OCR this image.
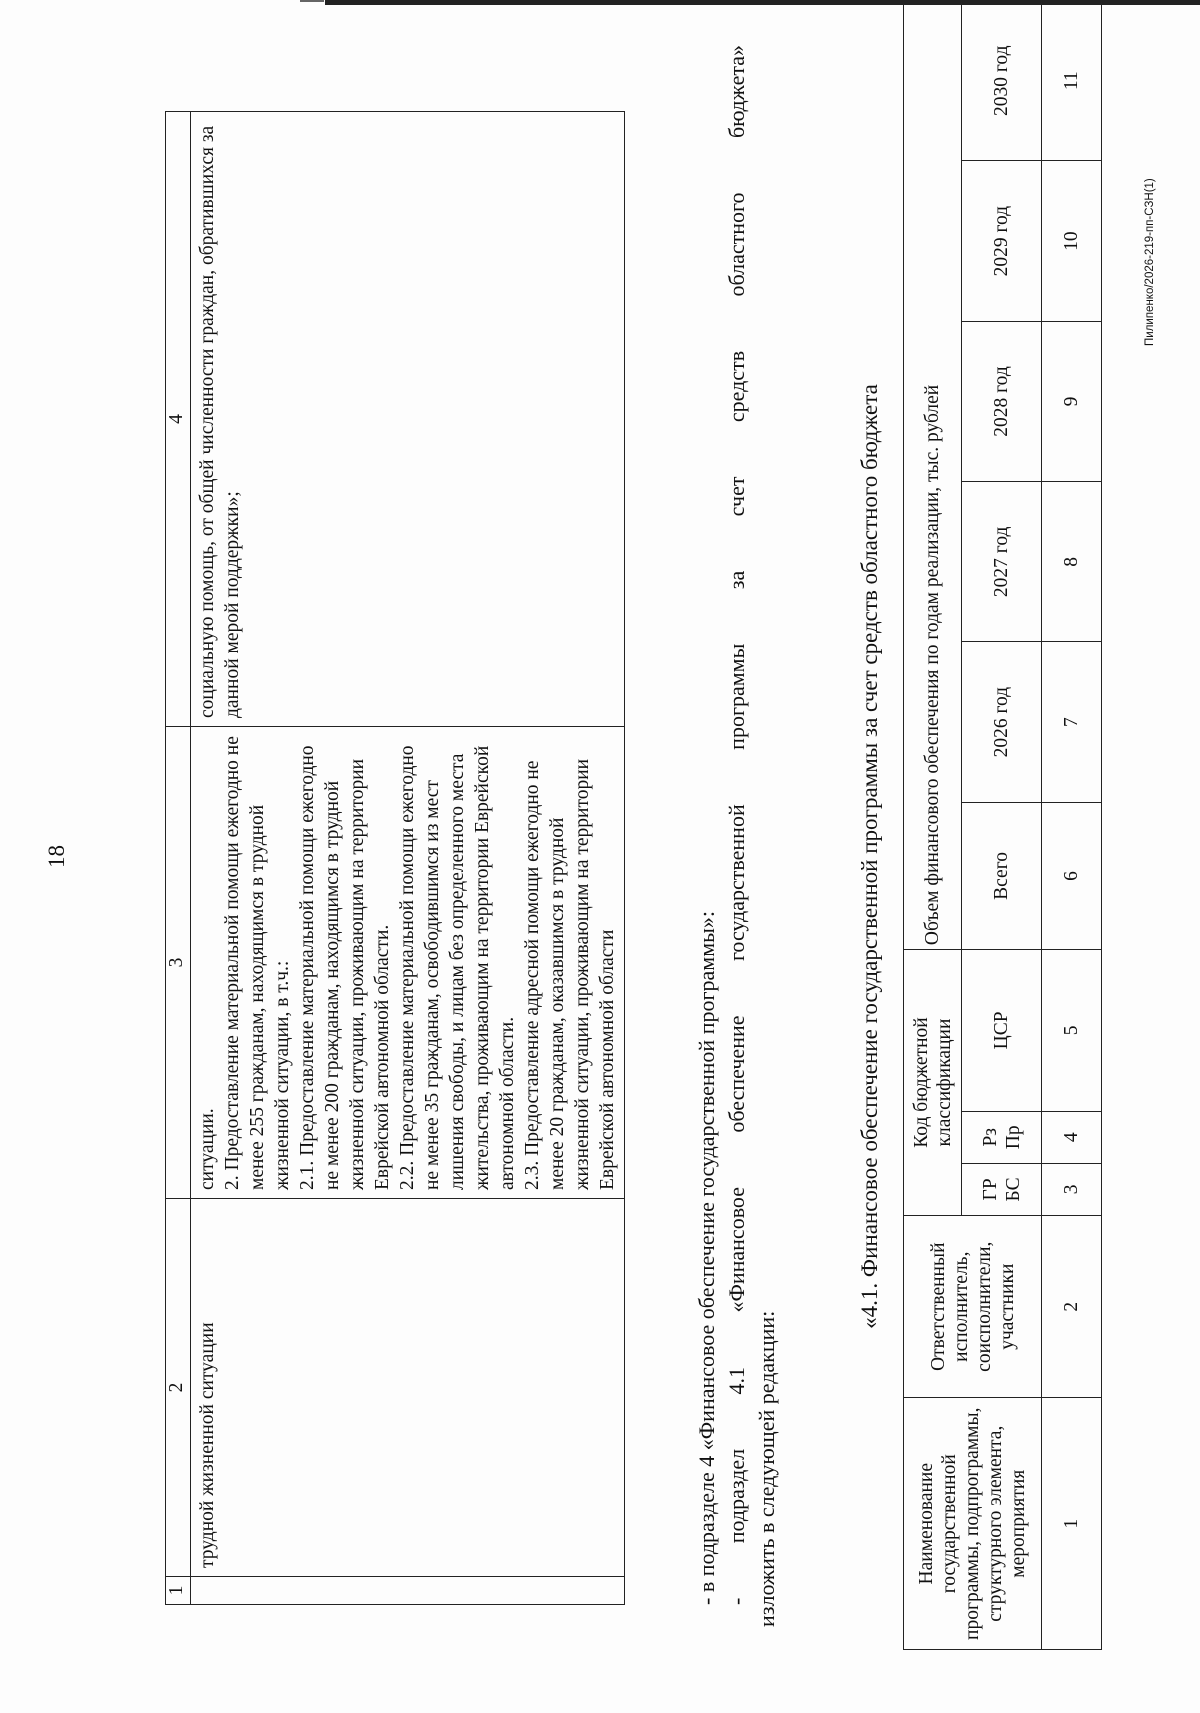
18
1	2	3	4
	трудной жизненной ситуации	ситуации. 2. Предоставление материальной помощи ежегодно не менее 255 гражданам, находящимся в трудной жизненной ситуации, в т.ч.: 2.1. Предоставление материальной помощи ежегодно не менее 200 гражданам, находящимся в трудной жизненной ситуации, проживающим на территории Еврейской автономной области. 2.2. Предоставление материальной помощи ежегодно не менее 35 гражданам, освободившимся из мест лишения свободы, и лицам без определенного места жительства, проживающим на территории Еврейской автономной области. 2.3. Предоставление адресной помощи ежегодно не менее 20 гражданам, оказавшимся в трудной жизненной ситуации, проживающим на территории Еврейской автономной области	социальную помощь, от общей численности граждан, обратившихся за данной мерой поддержки»;
- в подразделе 4 «Финансовое обеспечение государственной программы»: - подраздел 4.1 «Финансовое обеспечение государственной программы за счет средств областного бюджета» изложить в следующей редакции:
«4.1. Финансовое обеспечение государственной программы за счет средств областного бюджета
Наименование государственной программы, подпрограммы, структурного элемента, мероприятия	Ответственный исполнитель, соисполнители, участники	Код бюджетной классификации			Объем финансового обеспечения по годам реализации, тыс. рублей					
		ГР БС	Рз Пр	ЦСР	Всего	2026 год	2027 год	2028 год	2029 год	2030 год
1	2	3	4	5	6	7	8	9	10	11
Пилипенко/2026-219-пп-СЗН(1)
